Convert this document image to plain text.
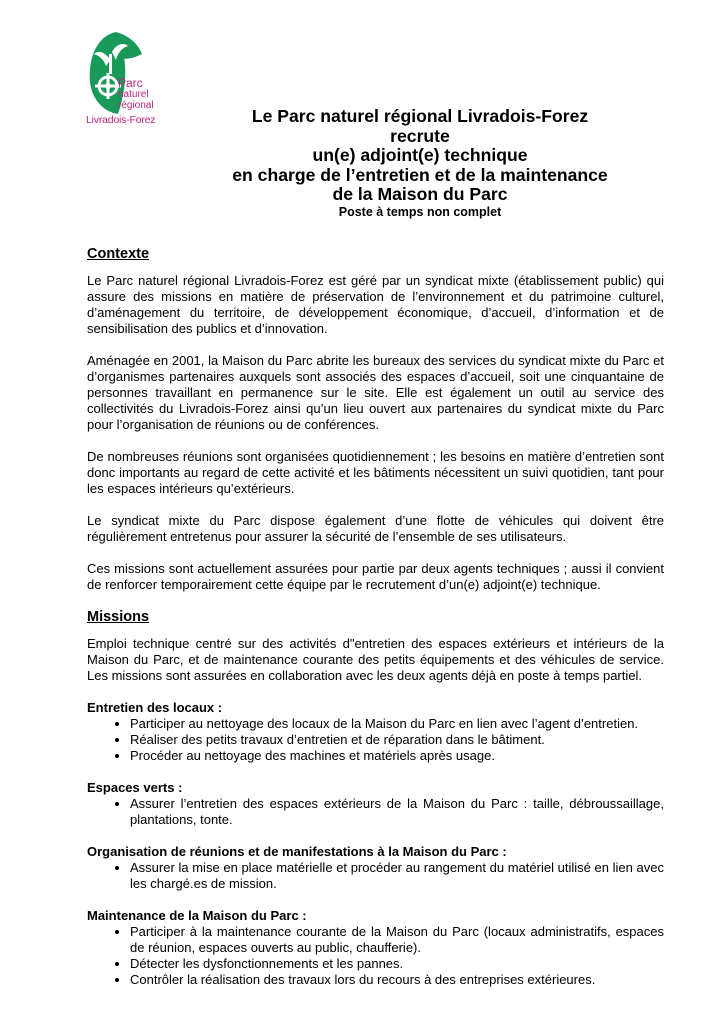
Parc
naturel
régional
Livradois-Forez	Le Parc naturel régional Livradois-Forez
recrute
un(e) adjoint(e) technique
en charge de l’entretien et de la maintenance
de la Maison du Parc
Poste à temps non complet
Contexte

Le Parc naturel régional Livradois-Forez est géré par un syndicat mixte (établissement public) qui assure des missions en matière de préservation de l’environnement et du patrimoine culturel, d’aménagement du territoire, de développement économique, d’accueil, d’information et de sensibilisation des publics et d’innovation.

Aménagée en 2001, la Maison du Parc abrite les bureaux des services du syndicat mixte du Parc et d’organismes partenaires auxquels sont associés des espaces d’accueil, soit une cinquantaine de personnes travaillant en permanence sur le site. Elle est également un outil au service des collectivités du Livradois-Forez ainsi qu’un lieu ouvert aux partenaires du syndicat mixte du Parc pour l’organisation de réunions ou de conférences.

De nombreuses réunions sont organisées quotidiennement ; les besoins en matière d’entretien sont donc importants au regard de cette activité et les bâtiments nécessitent un suivi quotidien, tant pour les espaces intérieurs qu’extérieurs.

Le syndicat mixte du Parc dispose également d’une flotte de véhicules qui doivent être régulièrement entretenus pour assurer la sécurité de l’ensemble de ses utilisateurs.

Ces missions sont actuellement assurées pour partie par deux agents techniques ; aussi il convient de renforcer temporairement cette équipe par le recrutement d’un(e) adjoint(e) technique.

Missions

Emploi technique centré sur des activités d"entretien des espaces extérieurs et intérieurs de la Maison du Parc, et de maintenance courante des petits équipements et des véhicules de service. Les missions sont assurées en collaboration avec les deux agents déjà en poste à temps partiel.

Entretien des locaux :
• Participer au nettoyage des locaux de la Maison du Parc en lien avec l’agent d’entretien.
• Réaliser des petits travaux d’entretien et de réparation dans le bâtiment.
• Procéder au nettoyage des machines et matériels après usage.
Espaces verts :
• Assurer l’entretien des espaces extérieurs de la Maison du Parc : taille, débroussaillage, plantations, tonte.
Organisation de réunions et de manifestations à la Maison du Parc :
• Assurer la mise en place matérielle et procéder au rangement du matériel utilisé en lien avec les chargé.es de mission.
Maintenance de la Maison du Parc :
• Participer à la maintenance courante de la Maison du Parc (locaux administratifs, espaces de réunion, espaces ouverts au public, chaufferie).
• Détecter les dysfonctionnements et les pannes.
• Contrôler la réalisation des travaux lors du recours à des entreprises extérieures.
